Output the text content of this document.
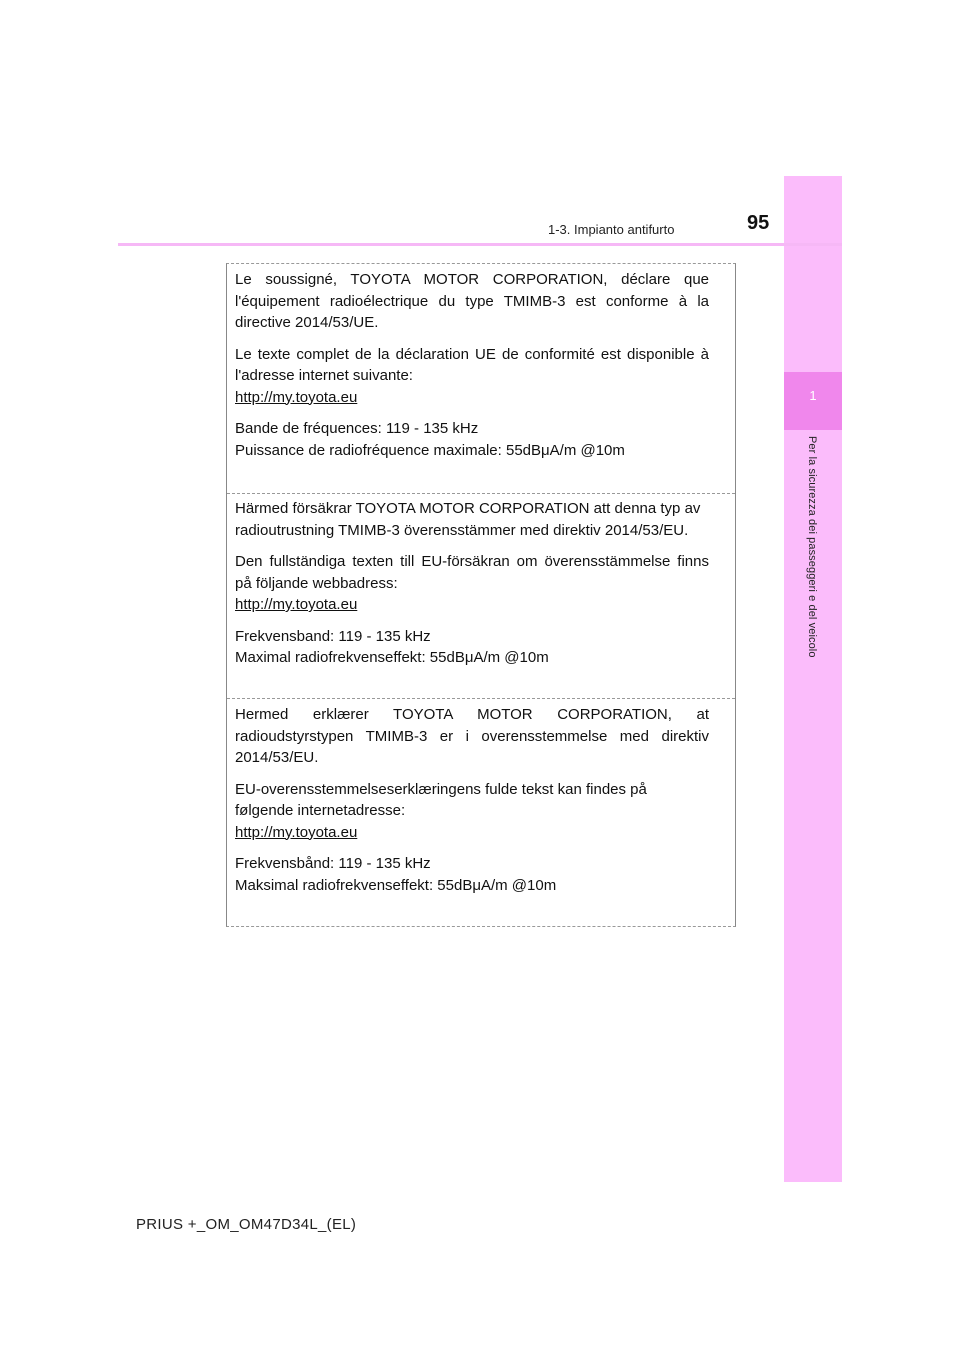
1
Per la sicurezza dei passeggeri e del veicolo
1-3. Impianto antifurto	95

Le soussigné, TOYOTA MOTOR CORPORATION, déclare que l'équipement radioélectrique du type TMIMB-3 est conforme à la directive 2014/53/UE.

Le texte complet de la déclaration UE de conformité est disponible à l'adresse internet suivante:

http://my.toyota.eu

Bande de fréquences: 119 - 135 kHz

Puissance de radiofréquence maximale: 55dBμA/m @10m

Härmed försäkrar TOYOTA MOTOR CORPORATION att denna typ av radioutrustning TMIMB-3 överensstämmer med direktiv 2014/53/EU.

Den fullständiga texten till EU-försäkran om överensstämmelse finns på följande webbadress:

http://my.toyota.eu

Frekvensband: 119 - 135 kHz

Maximal radiofrekvenseffekt: 55dBμA/m @10m

Hermed erklærer TOYOTA MOTOR CORPORATION, at radioudstyrstypen TMIMB-3 er i overensstemmelse med direktiv 2014/53/EU.

EU-overensstemmelseserklæringens fulde tekst kan findes på følgende internetadresse:

http://my.toyota.eu

Frekvensbånd: 119 - 135 kHz

Maksimal radiofrekvenseffekt: 55dBμA/m @10m

PRIUS +_OM_OM47D34L_(EL)
